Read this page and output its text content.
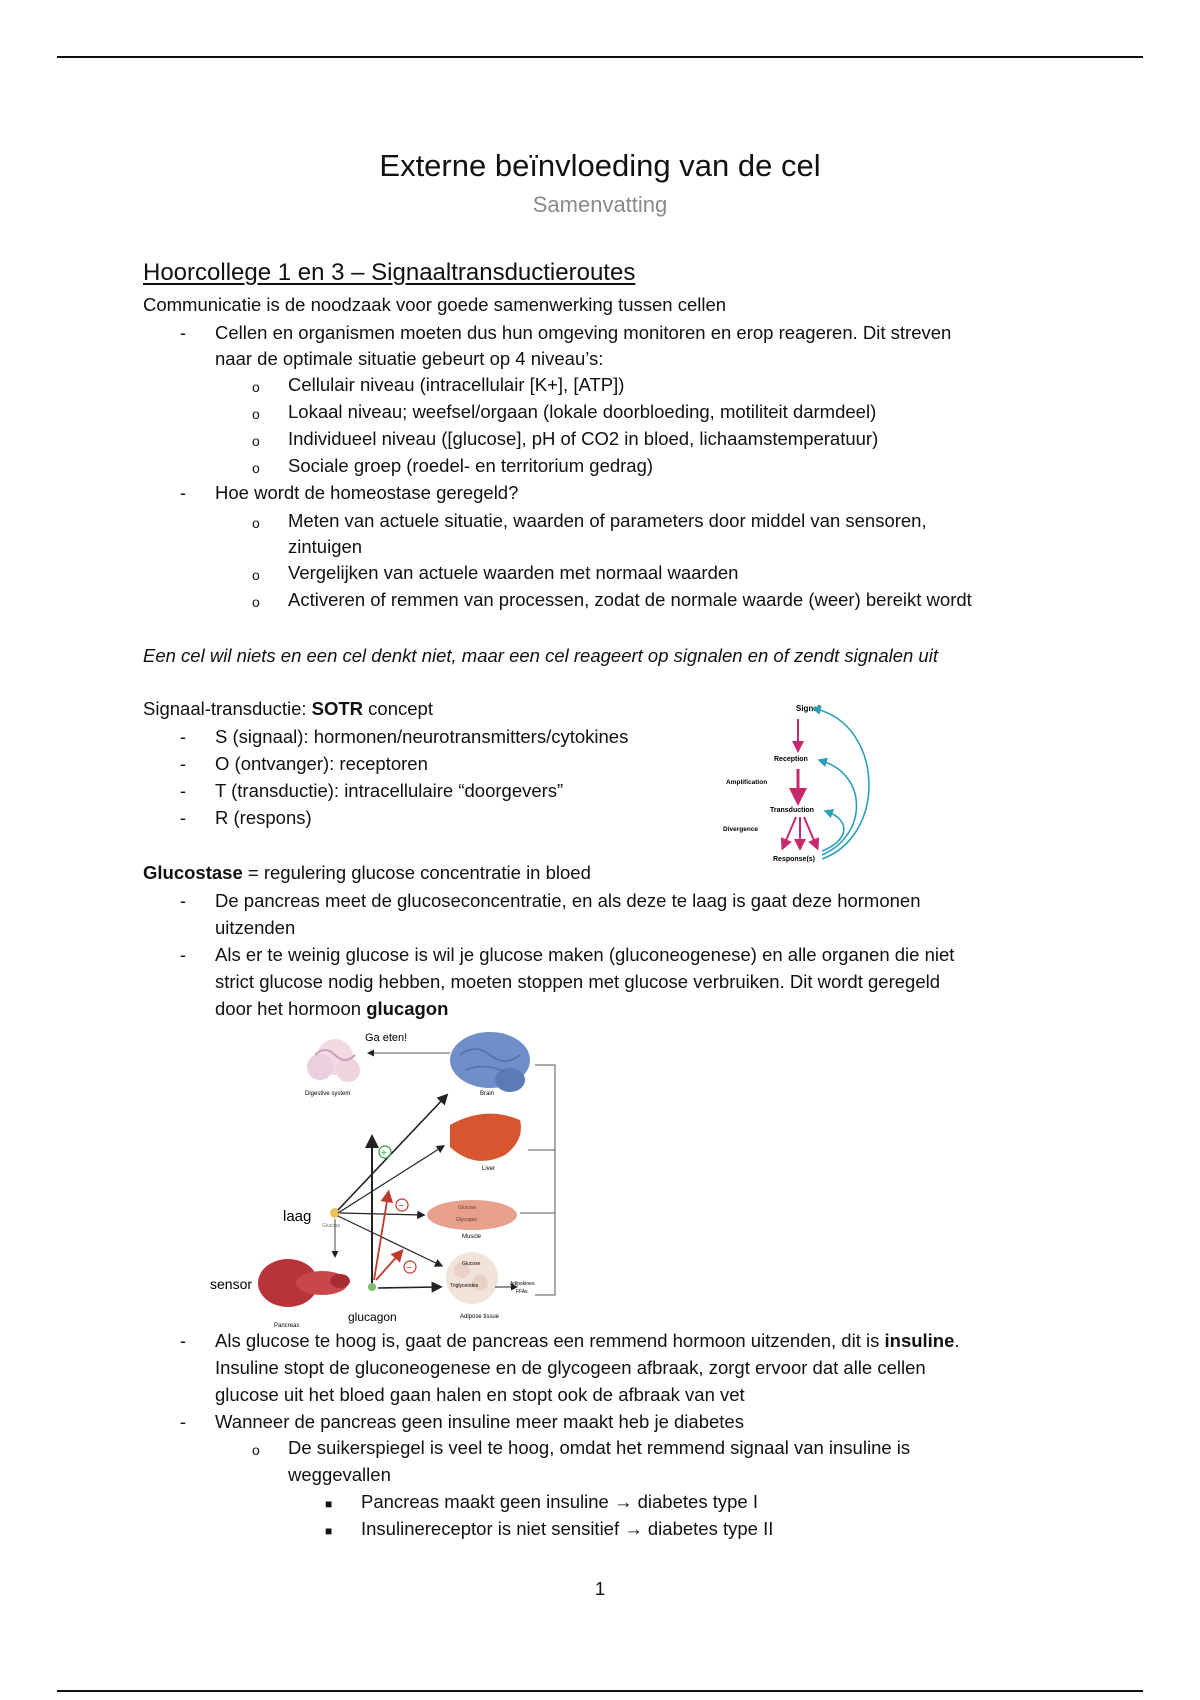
Externe beïnvloeding van de cel
Samenvatting
Hoorcollege 1 en 3 – Signaaltransductieroutes
Communicatie is de noodzaak voor goede samenwerking tussen cellen
- Cellen en organismen moeten dus hun omgeving monitoren en erop reageren. Dit streven
naar de optimale situatie gebeurt op 4 niveau’s:
o Cellulair niveau (intracellulair [K+], [ATP])
o Lokaal niveau; weefsel/orgaan (lokale doorbloeding, motiliteit darmdeel)
o Individueel niveau ([glucose], pH of CO2 in bloed, lichaamstemperatuur)
o Sociale groep (roedel- en territorium gedrag)
- Hoe wordt de homeostase geregeld?
o Meten van actuele situatie, waarden of parameters door middel van sensoren,
zintuigen
o Vergelijken van actuele waarden met normaal waarden
o Activeren of remmen van processen, zodat de normale waarde (weer) bereikt wordt
Een cel wil niets en een cel denkt niet, maar een cel reageert op signalen en of zendt signalen uit
Signaal-transductie: SOTR concept
- S (signaal): hormonen/neurotransmitters/cytokines
- O (ontvanger): receptoren
- T (transductie): intracellulaire “doorgevers”
- R (respons)
Signal
Reception
Amplification
Transduction
Divergence
Response(s)
Glucostase = regulering glucose concentratie in bloed
- De pancreas meet de glucoseconcentratie, en als deze te laag is gaat deze hormonen
uitzenden
- Als er te weinig glucose is wil je glucose maken (gluconeogenese) en alle organen die niet
strict glucose nodig hebben, moeten stoppen met glucose verbruiken. Dit wordt geregeld
door het hormoon glucagon
Digestive system
Ga eten!
Brain
Liver
Glucose
Glycogen
Muscle
Glucose
Triglycerides	Adipokines
FFAs
Adipose tissue
laag
Glucose
sensor
Pancreas
glucagon
+
−
−
- Als glucose te hoog is, gaat de pancreas een remmend hormoon uitzenden, dit is insuline.
Insuline stopt de gluconeogenese en de glycogeen afbraak, zorgt ervoor dat alle cellen
glucose uit het bloed gaan halen en stopt ook de afbraak van vet
- Wanneer de pancreas geen insuline meer maakt heb je diabetes
o De suikerspiegel is veel te hoog, omdat het remmend signaal van insuline is
weggevallen
■ Pancreas maakt geen insuline → diabetes type I
■ Insulinereceptor is niet sensitief → diabetes type II
1
